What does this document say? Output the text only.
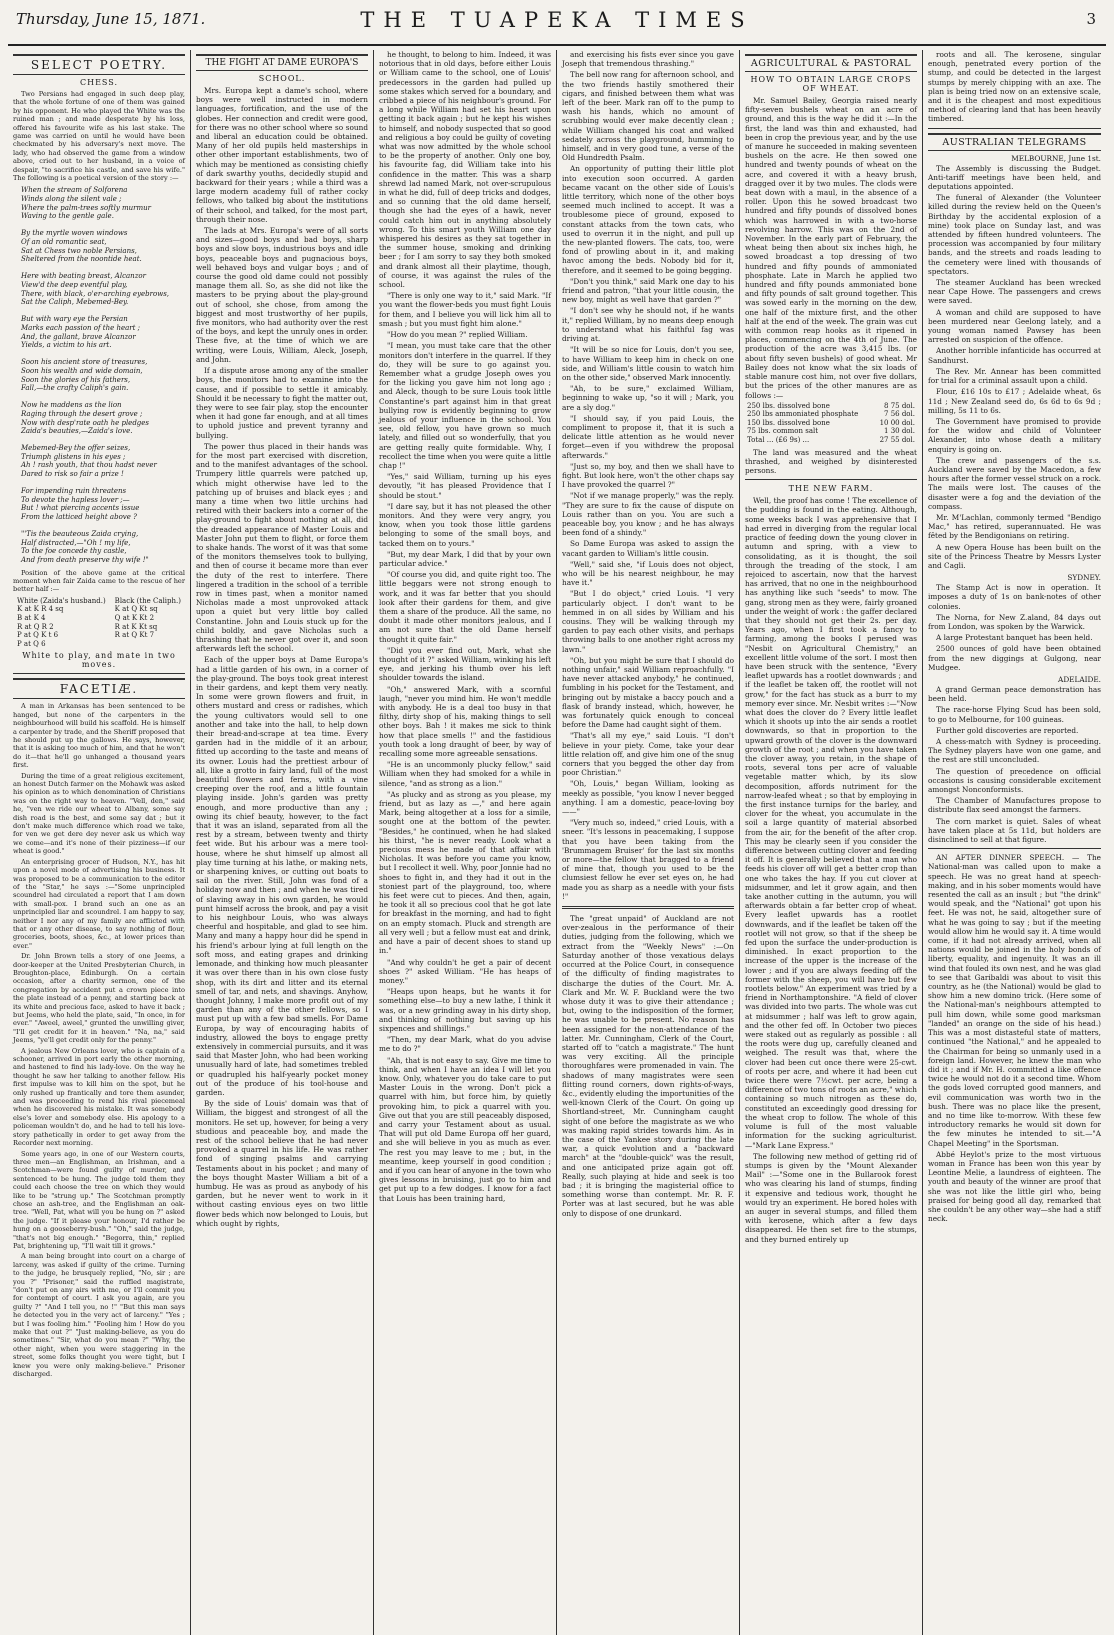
Thursday, June 15, 1871.	THE TUAPEKA TIMES	3
SELECT POETRY.
CHESS.

Two Persians had engaged in such deep play, that the whole fortune of one of them was gained by his opponent. He who played the White was the ruined man ; and made desperate by his loss, offered his favourite wife as his last stake. The game was carried on until he would have been checkmated by his adversary's next move. The lady, who had observed the game from a window above, cried out to her husband, in a voice of despair, "to sacrifice his castle, and save his wife." The following is a poetical version of the story :—

When the stream of Solforena
Winds along the silent vale ;
Where the palm-trees softly murmur
Waving to the gentle gale.

By the myrtle woven windows
Of an old romantic seat,
Sat at Chess two noble Persians,
Sheltered from the noontide heat.

Here with beating breast, Alcanzor
View'd the deep eventful play,
There, with black, o'er-arching eyebrows,
Sat the Caliph, Mebemed-Bey.

But with wary eye the Persian
Marks each passion of the heart ;
And, the gallant, brave Alcanzor
Yields, a victim to his art.

Soon his ancient store of treasures,
Soon his wealth and wide domain,
Soon the glories of his fathers,
Fall,—the crafty Caliph's gain.

Now he maddens as the lion
Raging through the desert grove ;
Now with desp'rate oath he pledges
Zaida's beauties,—Zaida's love.

Mebemed-Bey the offer seizes,
Triumph glistens in his eyes ;
Ah ! rash youth, that thou hadst never
Dared to risk so fair a prize !

For impending ruin threatens
To devote the hapless lover ;—
But ! what piercing accents issue
From the latticed height above ?

"'Tis the beauteous Zaida crying,
Half distracted,—"Oh ! my life,
To the foe concede thy castle,
And from death preserve thy wife !"

Position of the above game at the critical moment when fair Zaida came to the rescue of her better half :—

White (Zaida's husband.)
K at K R 4 sq
B at K 4
R at Q R 2
P at Q K t 6
P at Q 6
Black (the Caliph.)
K at Q Kt sq
Q at K Kt 2
R at K Kt sq
R at Q Kt 7

White to play, and mate in two moves.
FACETIÆ.

A man in Arkansas has been sentenced to be hanged, but none of the carpenters in the neighbourhood will build his scaffold. He is himself a carpenter by trade, and the Sheriff proposed that he should put up the gallows. He says, however, that it is asking too much of him, and that he won't do it—that he'll go unhanged a thousand years first.

During the time of a great religious excitement, an honest Dutch farmer on the Mohawk was asked his opinion as to which denomination of Christians was on the right way to heaven. "Vell, den," said he, "ven we ride our wheat to Albany, some say dish road is the best, and some say dat ; but it don't make much difference which road we take, for ven we get dere dey never ask us which way we come—and it's none of their pizziness—if our wheat is good."

An enterprising grocer of Hudson, N.Y., has hit upon a novel mode of advertising his business. It was proposed to be a communication to the editor of the "Star," he says :—"Some unprincipled scoundrel had circulated a report that I am down with small-pox. I brand such an one as an unprincipled liar and scoundrel. I am happy to say, neither I nor any of my family are afflicted with that or any other disease, to say nothing of flour, groceries, boots, shoes, &c., at lower prices than ever."

Dr. John Brown tells a story of one Jeems, a door-keeper at the United Presbyterian Church, in Broughton-place, Edinburgh. On a certain occasion, after a charity sermon, one of the congregation by accident put a crown piece into the plate instead of a penny, and starting back at its white and precious face, asked to have it back ; but Jeems, who held the plate, said, "In once, in for ever." "Aweel, aweel," grunted the unwilling giver, "I'll get credit for it in heaven." "Na, na," said Jeems, "ye'll get credit only for the penny."

A jealous New Orleans lover, who is captain of a schooner, arrived in port early the other morning, and hastened to find his lady-love. On the way he thought he saw her talking to another fellow. His first impulse was to kill him on the spot, but he only rushed up frantically and tore them asunder, and was proceeding to rend his rival piecemeal when he discovered his mistake. It was somebody else's lover and somebody else. His apology to a policeman wouldn't do, and he had to tell his love-story pathetically in order to get away from the Recorder next morning.

Some years ago, in one of our Western courts, three men—an Englishman, an Irishman, and a Scotchman—were found guilty of murder, and sentenced to be hung. The judge told them they could each choose the tree on which they would like to be "strung up." The Scotchman promptly chose an ash-tree, and the Englishman an oak-tree. "Well, Pat, what will you be hung on ?" asked the judge. "If it please your honour, I'd rather be hung on a gooseberry-bush." "Oh," said the judge, "that's not big enough." "Begorra, thin," replied Pat, brightening up, "I'll wait till it grows."

A man being brought into court on a charge of larceny, was asked if guilty of the crime. Turning to the judge, he brusquely replied, "No, sir ; are you ?" "Prisoner," said the ruffled magistrate, "don't put on any airs with me, or I'll commit you for contempt of court. I ask you again, are you guilty ?" "And I tell you, no !" "But this man says he detected you in the very act of larceny." "Yes ; but I was fooling him." "Fooling him ! How do you make that out ?" "Just making-believe, as you do sometimes." "Sir, what do you mean ?" "Why, the other night, when you were staggering in the street, some folks thought you were tight, but I knew you were only making-believe." Prisoner discharged.

THE FIGHT AT DAME EUROPA'S
SCHOOL.

Mrs. Europa kept a dame's school, where boys were well instructed in modern languages, fortification, and the use of the globes. Her connection and credit were good, for there was no other school where so sound and liberal an education could be obtained. Many of her old pupils held masterships in other other important establishments, two of which may be mentioned as consisting chiefly of dark swarthy youths, decidedly stupid and backward for their years ; while a third was a large modern academy full of rather cocky fellows, who talked big about the institutions of their school, and talked, for the most part, through their nose.

The lads at Mrs. Europa's were of all sorts and sizes—good boys and bad boys, sharp boys and slow boys, industrious boys and idle boys, peaceable boys and pugnacious boys, well behaved boys and vulgar boys ; and of course the good old dame could not possibly manage them all. So, as she did not like the masters to be prying about the play-ground out of school, she chose, from among the biggest and most trustworthy of her pupils, five monitors, who had authority over the rest of the boys, and kept the unruly ones in order. These five, at the time of which we are writing, were Louis, William, Aleck, Joseph, and John.

If a dispute arose among any of the smaller boys, the monitors had to examine into the cause, and if possible to settle it amicably. Should it be necessary to fight the matter out, they were to see fair play, stop the encounter when it had gone far enough, and at all times to uphold justice and prevent tyranny and bullying.

The power thus placed in their hands was for the most part exercised with discretion, and to the manifest advantages of the school. Trumpery little quarrels were patched up, which might otherwise have led to the patching up of bruises and black eyes ; and many a time when two little urchins had retired with their backers into a corner of the play-ground to fight about nothing at all, did the dreaded appearance of Master Louis and Master John put them to flight, or force them to shake hands. The worst of it was that some of the monitors themselves took to bullying, and then of course it became more than ever the duty of the rest to interfere. There lingered a tradition in the school of a terrible row in times past, when a monitor named Nicholas made a most unprovoked attack upon a quiet but very little boy called Constantine. John and Louis stuck up for the child boldly, and gave Nicholas such a thrashing that he never got over it, and soon afterwards left the school.

Each of the upper boys at Dame Europa's had a little garden of his own, in a corner of the play-ground. The boys took great interest in their gardens, and kept them very neatly. In some were grown flowers and fruit, in others mustard and cress or radishes, which the young cultivators would sell to one another and take into the hall, to help down their bread-and-scrape at tea time. Every garden had in the middle of it an arbour, fitted up according to the taste and means of its owner. Louis had the prettiest arbour of all, like a grotto in fairy land, full of the most beautiful flowers and ferns, with a vine creeping over the roof, and a little fountain playing inside. John's garden was pretty enough, and more productive than any ; owing its chief beauty, however, to the fact that it was an island, separated from all the rest by a stream, between twenty and thirty feet wide. But his arbour was a mere tool-house, where he shut himself up almost all play time turning at his lathe, or making nets, or sharpening knives, or cutting out boats to sail on the river. Still, John was fond of a holiday now and then ; and when he was tired of slaving away in his own garden, he would punt himself across the brook, and pay a visit to his neighbour Louis, who was always cheerful and hospitable, and glad to see him. Many and many a happy hour did he spend in his friend's arbour lying at full length on the soft moss, and eating grapes and drinking lemonade, and thinking how much pleasanter it was over there than in his own close fusty shop, with its dirt and litter and its eternal smell of tar, and nets, and shavings. Anyhow, thought Johnny, I make more profit out of my garden than any of the other fellows, so I must put up with a few bad smells. For Dame Europa, by way of encouraging habits of industry, allowed the boys to engage pretty extensively in commercial pursuits, and it was said that Master John, who had been working unusually hard of late, had sometimes trebled or quadrupled his half-yearly pocket money out of the produce of his tool-house and garden.

By the side of Louis' domain was that of William, the biggest and strongest of all the monitors. He set up, however, for being a very studious and peaceable boy, and made the rest of the school believe that he had never provoked a quarrel in his life. He was rather fond of singing psalms and carrying Testaments about in his pocket ; and many of the boys thought Master William a bit of a humbug. He was as proud as anybody of his garden, but he never went to work in it without casting envious eyes on two little flower beds which now belonged to Louis, but which ought by rights,

he thought, to belong to him. Indeed, it was notorious that in old days, before either Louis or William came to the school, one of Louis' predecessors in the garden had pulled up some stakes which served for a boundary, and cribbed a piece of his neighbour's ground. For a long while William had set his heart upon getting it back again ; but he kept his wishes to himself, and nobody suspected that so good and religious a boy could be guilty of coveting what was now admitted by the whole school to be the property of another. Only one boy, his favourite fag, did William take into his confidence in the matter. This was a sharp shrewd lad named Mark, not over-scrupulous in what he did, full of deep tricks and dodges, and so cunning that the old dame herself, though she had the eyes of a hawk, never could catch him out in anything absolutely wrong. To this smart youth William one day whispered his desires as they sat together in the summer house, smoking and drinking beer ; for I am sorry to say they both smoked and drank almost all their playtime, though, of course, it was against the rules of the school.

"There is only one way to it," said Mark. "If you want the flower-beds you must fight Louis for them, and I believe you will lick him all to smash ; but you must fight him alone."

"How do you mean ?" replied William.

"I mean, you must take care that the other monitors don't interfere in the quarrel. If they do, they will be sure to go against you. Remember what a grudge Joseph owes you for the licking you gave him not long ago ; and Aleck, though to be sure Louis took little Constantine's part against him in that great bullying row is evidently beginning to grow jealous of your influence in the school. You see, old fellow, you have grown so much lately, and filled out so wonderfully, that you are getting really quite formidable. Why, I recollect the time when you were quite a little chap !"

"Yes," said William, turning up his eyes devoutly, "it has pleased Providence that I should be stout."

"I dare say, but it has not pleased the other monitors. And they were very angry, you know, when you took those little gardens belonging to some of the small boys, and tacked them on to yours."

"But, my dear Mark, I did that by your own particular advice."

"Of course you did, and quite right too. The little beggars were not strong enough to work, and it was far better that you should look after their gardens for them, and give them a share of the produce. All the same, no doubt it made other monitors jealous, and I am not sure that the old Dame herself thought it quite fair."

"Did you ever find out, Mark, what she thought of it ?" asked William, winking his left eye, and jerking his thumb over his left shoulder towards the island.

"Oh," answered Mark, with a scornful laugh, "never you mind him. He won't meddle with anybody. He is a deal too busy in that filthy, dirty shop of his, making things to sell other boys. Bah ! it makes me sick to think how that place smells !" and the fastidious youth took a long draught of beer, by way of recalling some more agreeable sensations.

"He is an uncommonly plucky fellow," said William when they had smoked for a while in silence, "and as strong as a lion."

"As plucky and as strong as you please, my friend, but as lazy as —," and here again Mark, being altogether at a loss for a simile, sought one at the bottom of the pewter. "Besides," he continued, when he had slaked his thirst, "he is never ready. Look what a precious mess he made of that affair with Nicholas. It was before you came you know, but I recollect it well. Why, poor Jonnie had no shoes to fight in, and they had it out in the stoniest part of the playground, too, where his feet were cut to pieces. And then, again, he took it all so precious cool that he got late for breakfast in the morning, and had to fight on an empty stomach. Pluck and strength are all very well ; but a fellow must eat and drink, and have a pair of decent shoes to stand up in."

"And why couldn't he get a pair of decent shoes ?" asked William. "He has heaps of money."

"Heaps upon heaps, but he wants it for something else—to buy a new lathe, I think it was, or a new grinding away in his dirty shop, and thinking of nothing but saving up his sixpences and shillings."

"Then, my dear Mark, what do you advise me to do ?"

"Ah, that is not easy to say. Give me time to think, and when I have an idea I will let you know. Only, whatever you do take care to put Master Louis in the wrong. Don't pick a quarrel with him, but force him, by quietly provoking him, to pick a quarrel with you. Give out that you are still peaceably disposed, and carry your Testament about as usual. That will put old Dame Europa off her guard, and she will believe in you as much as ever. The rest you may leave to me ; but, in the meantime, keep yourself in good condition ; and if you can hear of anyone in the town who gives lessons in bruising, just go to him and get put up to a few dodges. I know for a fact that Louis has been training hard,

and exercising his fists ever since you gave Joseph that tremendous thrashing."

The bell now rang for afternoon school, and the two friends hastily smothered their cigars, and finished between them what was left of the beer. Mark ran off to the pump to wash his hands, which no amount of scrubbing would ever make decently clean ; while William changed his coat and walked sedately across the playground, humming to himself, and in very good tune, a verse of the Old Hundredth Psalm.

An opportunity of putting their little plot into execution soon occurred. A garden became vacant on the other side of Louis's little territory, which none of the other boys seemed much inclined to accept. It was a troublesome piece of ground, exposed to constant attacks from the town cats, who used to overrun it in the night, and pull up the new-planted flowers. The cats, too, were fond of prowling about in it, and making havoc among the beds. Nobody bid for it, therefore, and it seemed to be going begging.

"Don't you think," said Mark one day to his friend and patron, "that your little cousin, the new boy, might as well have that garden ?"

"I don't see why he should not, if he wants it," replied William, by no means deep enough to understand what his faithful fag was driving at.

"It will be so nice for Louis, don't you see, to have William to keep him in check on one side, and William's little cousin to watch him on the other side," observed Mark innocently.

"Ah, to be sure," exclaimed William, beginning to wake up, "so it will ; Mark, you are a sly dog."

"I should say, if you paid Louis, the compliment to propose it, that it is such a delicate little attention as he would never forget—even if you withdrew the proposal afterwards."

"Just so, my boy, and then we shall have to fight. But look here, won't the other chaps say I have provoked the quarrel ?"

"Not if we manage properly," was the reply. "They are sure to fix the cause of dispute on Louis rather than on you. You are such a peaceable boy, you know ; and he has always been fond of a shindy."

So Dame Europa was asked to assign the vacant garden to William's little cousin.

"Well," said she, "if Louis does not object, who will be his nearest neighbour, he may have it."

"But I do object," cried Louis. "I very particularly object. I don't want to be hemmed in on all sides by William and his cousins. They will be walking through my garden to pay each other visits, and perhaps throwing balls to one another right across my lawn."

"Oh, but you might be sure that I should do nothing unfair," said William reproachfully. "I have never attacked anybody," he continued, fumbling in his pocket for the Testament, and bringing out by mistake a baccy pouch and a flask of brandy instead, which, however, he was fortunately quick enough to conceal before the Dame had caught sight of them.

"That's all my eye," said Louis. "I don't believe in your piety. Come, take your dear little relation off, and give him one of the snug corners that you begged the other day from poor Christian."

"Oh, Louis," began William, looking as meekly as possible, "you know I never begged anything. I am a domestic, peace-loving boy——"

"Very much so, indeed," cried Louis, with a sneer. "It's lessons in peacemaking, I suppose that you have been taking from the 'Brummagem Bruiser' for the last six months or more—the fellow that bragged to a friend of mine that, though you used to be the clumsiest fellow he ever set eyes on, he had made you as sharp as a needle with your fists !"

The "great unpaid" of Auckland are not over-zealous in the performance of their duties, judging from the following, which we extract from the "Weekly News" :—On Saturday another of those vexatious delays occurred at the Police Court, in consequence of the difficulty of finding magistrates to discharge the duties of the Court. Mr. A. Clark and Mr. W. F. Buckland were the two whose duty it was to give their attendance ; but, owing to the indisposition of the former, he was unable to be present. No reason has been assigned for the non-attendance of the latter. Mr. Cunningham, Clerk of the Court, started off to "catch a magistrate." The hunt was very exciting. All the principle thoroughfares were promenaded in vain. The shadows of many magistrates were seen flitting round corners, down rights-of-ways, &c., evidently eluding the importunities of the well-known Clerk of the Court. On going up Shortland-street, Mr. Cunningham caught sight of one before the magistrate as we who was making rapid strides towards him. As in the case of the Yankee story during the late war, a quick evolution and a "backward march" at the "double-quick" was the result, and one anticipated prize again got off. Really, such playing at hide and seek is too bad ; it is bringing the magisterial office to something worse than contempt. Mr. R. F. Porter was at last secured, but he was able only to dispose of one drunkard.

AGRICULTURAL & PASTORAL
HOW TO OBTAIN LARGE CROPS OF WHEAT.

Mr. Samuel Bailey, Georgia raised nearly fifty-seven bushels wheat on an acre of ground, and this is the way he did it :—In the first, the land was thin and exhausted, had been in crop the previous year, and by the use of manure he succeeded in making seventeen bushels on the acre. He then sowed one hundred and twenty pounds of wheat on the acre, and covered it with a heavy brush, dragged over it by two mules. The clods were beat down with a maul, in the absence of a roller. Upon this he sowed broadcast two hundred and fifty pounds of dissolved bones which was harrowed in with a two-horse revolving harrow. This was on the 2nd of November. In the early part of February, the wheat being then about six inches high, he sowed broadcast a top dressing of two hundred and fifty pounds of ammoniated phosphate. Late in March he applied two hundred and fifty pounds ammoniated bone and fifty pounds of salt ground together. This was sowed early in the morning on the dew, one half of the mixture first, and the other half at the end of the week. The grain was cut with common reap hooks as it ripened in places, commencing on the 4th of June. The production of the acre was 3,415 lbs. (or about fifty seven bushels) of good wheat. Mr Bailey does not know what the six loads of stable manure cost him, not over five dollars, but the prices of the other manures are as follows :—

250 lbs. dissolved bone	8 75 dol.
250 lbs ammoniated phosphate	7 56 dol.
150 lbs. dissolved bone	10 00 dol.
75 lbs. common salt	1 30 dol.
Total ... (£6 9s) ...	27 55 dol.

The land was measured and the wheat thrashed, and weighed by disinterested persons.

THE NEW FARM.

Well, the proof has come ! The excellence of the pudding is found in the eating. Although, some weeks back I was apprehensive that I had erred in diverging from the regular local practice of feeding down the young clover in autumn and spring, with a view to consolidating, as it is thought, the soil through the treading of the stock, I am rejoiced to ascertain, now that the harvest has arrived, that no one in the neighbourhood has anything like such "seeds" to mow. The gang, strong men as they were, fairly groaned under the weight of work : the gaffer declared that they should not get their 2s. per day. Years ago, when I first took a fancy to farming, among the books I perused was "Nesbit on Agricultural Chemistry," an excellent little volume of the sort. I most then have been struck with the sentence, "Every leaflet upwards has a rootlet downwards ; and if the leaflet be taken off, the rootlet will not grow," for the fact has stuck as a burr to my memory ever since. Mr. Nesbit writes :—"Now what does the clover do ? Every little leaflet which it shoots up into the air sends a rootlet downwards, so that in proportion to the upward growth of the clover is the downward growth of the root ; and when you have taken the clover away, you retain, in the shape of roots, several tons per acre of valuable vegetable matter which, by its slow decomposition, affords nutriment for the narrow-leafed wheat ; so that by employing in the first instance turnips for the barley, and clover for the wheat, you accumulate in the soil a large quantity of material absorbed from the air, for the benefit of the after crop. This may be clearly seen if you consider the difference between cutting clover and feeding it off. It is generally believed that a man who feeds his clover off will get a better crop than one who takes the hay. If you cut clover at midsummer, and let it grow again, and then take another cutting in the autumn, you will afterwards obtain a far better crop of wheat. Every leaflet upwards has a rootlet downwards, and if the leaflet be taken off the rootlet will not grow, so that if the sheep be fed upon the surface the under-production is diminished. In exact proportion to the increase of the upper is the increase of the lower ; and if you are always feeding off the former with the sheep, you will have but few rootlets below." An experiment was tried by a friend in Northamptonshire. "A field of clover was divided into two parts. The whole was cut at midsummer ; half was left to grow again, and the other fed off. In October two pieces were staked out as regularly as possible : all the roots were dug up, carefully cleaned and weighed. The result was that, where the clover had been cut once there were 25-cwt. of roots per acre, and where it had been cut twice there were 7½cwt. per acre, being a difference of two tons of roots an acre," which containing so much nitrogen as these do, constituted an exceedingly good dressing for the wheat crop to follow. The whole of this volume is full of the most valuable information for the sucking agriculturist.—"Mark Lane Express."

The following new method of getting rid of stumps is given by the "Mount Alexander Mail" :—"Some one in the Bullarook forest who was clearing his land of stumps, finding it expensive and tedious work, thought he would try an experiment. He bored holes with an auger in several stumps, and filled them with kerosene, which after a few days disappeared. He then set fire to the stumps, and they burned entirely up

roots and all. The kerosene, singular enough, penetrated every portion of the stump, and could be detected in the largest stumps by merely chipping with an axe. The plan is being tried now on an extensive scale, and it is the cheapest and most expeditious method of clearing land that has been heavily timbered.

AUSTRALIAN TELEGRAMS
MELBOURNE, June 1st.

The Assembly is discussing the Budget. Anti-tariff meetings have been held, and deputations appointed.

The funeral of Alexander (the Volunteer killed during the review held on the Queen's Birthday by the accidental explosion of a mine) took place on Sunday last, and was attended by fifteen hundred volunteers. The procession was accompanied by four military bands, and the streets and roads leading to the cemetery were lined with thousands of spectators.

The steamer Auckland has been wrecked near Cape Howe. The passengers and crews were saved.

A woman and child are supposed to have been murdered near Geelong lately, and a young woman named Pawsey has been arrested on suspicion of the offence.

Another horrible infanticide has occurred at Sandhurst.

The Rev. Mr. Annear has been committed for trial for a criminal assault upon a child.

Flour, £16 10s to £17 ; Adelaide wheat, 6s 11d ; New Zealand seed do, 6s 6d to 6s 9d ; milling, 5s 11 to 6s.

The Government have promised to provide for the widow and child of Volunteer Alexander, into whose death a military enquiry is going on.

The crew and passengers of the s.s. Auckland were saved by the Macedon, a few hours after the former vessel struck on a rock. The mails were lost. The causes of the disaster were a fog and the deviation of the compass.

Mr. M'Lachlan, commonly termed "Bendigo Mac," has retired, superannuated. He was fêted by the Bendigonians on retiring.

A new Opera House has been built on the site of the Princess Theatre by Messrs Lyster and Cagli.

SYDNEY.

The Stamp Act is now in operation. It imposes a duty of 1s on bank-notes of other colonies.

The Norna, for New Z.aland, 84 days out from London, was spoken by the Warwick.

A large Protestant banquet has been held.

2500 ounces of gold have been obtained from the new diggings at Gulgong, near Mudgee.

ADELAIDE.

A grand German peace demonstration has been held.

The race-horse Flying Scud has been sold, to go to Melbourne, for 100 guineas.

Further gold discoveries are reported.

A chess-match with Sydney is proceeding. The Sydney players have won one game, and the rest are still unconcluded.

The question of precedence on official occasions is causing considerable excitement amongst Nonconformists.

The Chamber of Manufactures propose to distribute flax seed amongst the farmers.

The corn market is quiet. Sales of wheat have taken place at 5s 11d, but holders are disinclined to sell at that figure.

AN AFTER DINNER SPEECH. — The National-man was called upon to make a speech. He was no great hand at speech-making, and in his sober moments would have resented the call as an insult ; but "the drink" would speak, and the "National" got upon his feet. He was not, he said, altogether sure of what he was going to say ; but if the meeting would allow him he would say it. A time would come, if it had not already arrived, when all nations would be joined in the holy bonds of liberty, equality, and ingenuity. It was an ill wind that fouled its own nest, and he was glad to see that Garibaldi was about to visit this country, as he (the National) would be glad to show him a new domino trick. (Here some of the National-man's neighbours attempted to pull him down, while some good marksman "landed" an orange on the side of his head.) This was a most distasteful state of matters, continued "the National," and he appealed to the Chairman for being so unmanly used in a foreign land. However, he knew the man who did it ; and if Mr. H. committed a like offence twice he would not do it a second time. Whom the gods loved corrupted good manners, and evil communication was worth two in the bush. There was no place like the present, and no time like to-morrow. With these few introductory remarks he would sit down for the few minutes he intended to sit.—"A Chapel Meeting" in the Sportsman.

Abbé Heylot's prize to the most virtuous woman in France has been won this year by Leontine Melie, a laundress of eighteen. The youth and beauty of the winner are proof that she was not like the little girl who, being praised for being good all day, remarked that she couldn't be any other way—she had a stiff neck.
